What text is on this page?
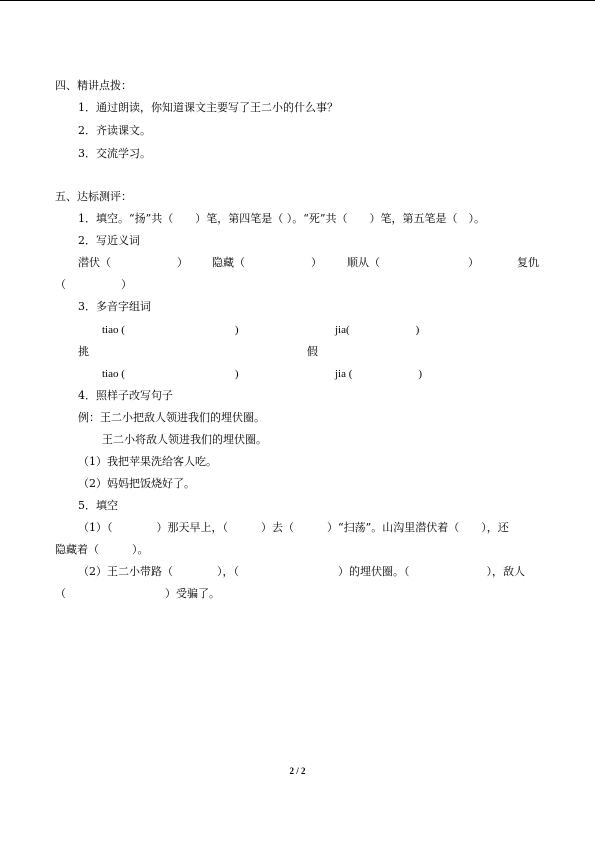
四、精讲点拨：
1．通过朗读，你知道课文主要写了王二小的什么事？
2．齐读课文。
3．交流学习。
五、达标测评：
1．填空。“扬”共（　　）笔，第四笔是（ ）。“死”共（　　）笔，第五笔是（　）。
2．写近义词
潜伏（　　　　　　） 隐藏（　　　　　　） 顺从（　　　　　　　　）	复仇
（　　　　　）
3．多音字组词
tiao (　　　　　　　　　　)	jia(　　　　　　)
挑	假
tiao (　　　　　　　　　　)	jia (　　　　　　)
4．照样子改写句子
例：王二小把敌人领进我们的埋伏圈。
王二小将敌人领进我们的埋伏圈。
（1）我把苹果洗给客人吃。
（2）妈妈把饭烧好了。
5．填空
（1）（　　　　）那天早上，（　　　）去（　　　）“扫荡”。山沟里潜伏着（　　），还
隐藏着（　　　）。
（2）王二小带路（　　　　），（　　　　　　　　　）的埋伏圈。（　　　　　　　），敌人
（　　　　　　　　　）受骗了。
2 / 2
